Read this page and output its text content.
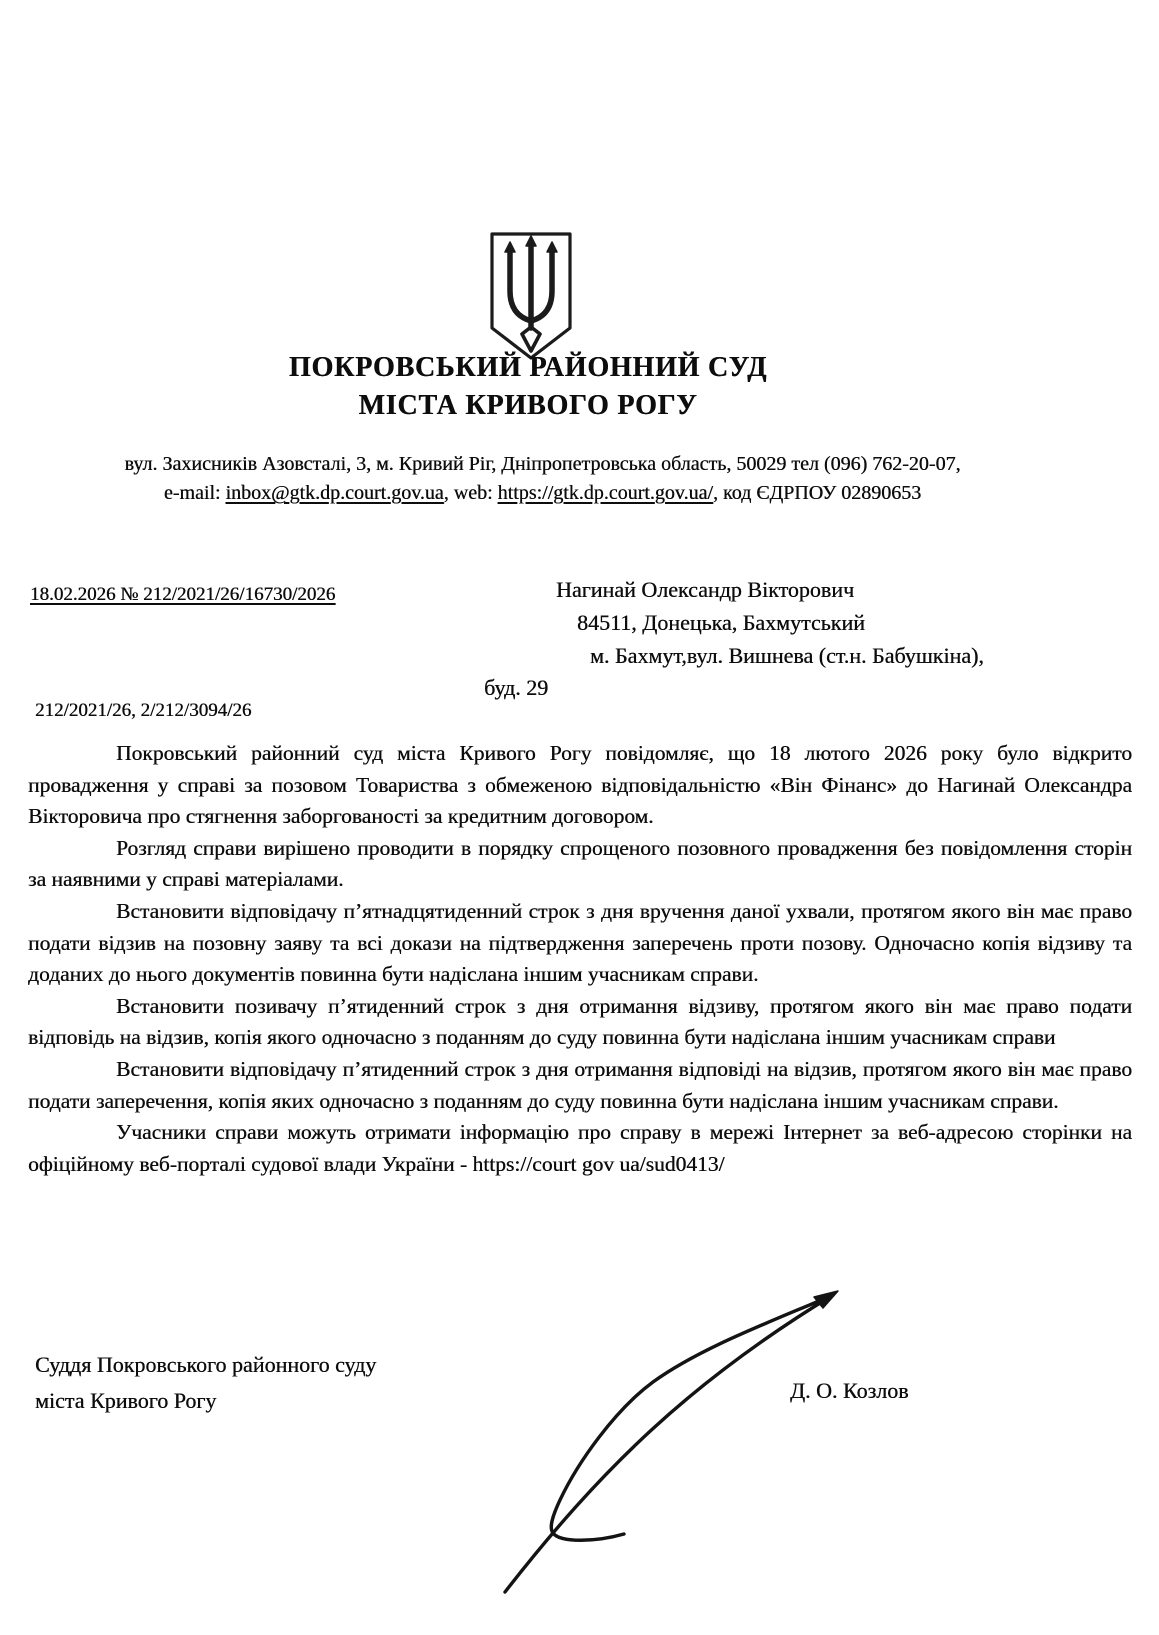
ПОКРОВСЬКИЙ РАЙОННИЙ СУД
МІСТА КРИВОГО РОГУ
вул. Захисників Азовсталі, 3, м. Кривий Ріг, Дніпропетровська область, 50029 тел (096) 762-20-07,
e-mail: inbox@gtk.dp.court.gov.ua, web: https://gtk.dp.court.gov.ua/, код ЄДРПОУ 02890653
18.02.2026 № 212/2021/26/16730/2026	Нагинай Олександр Вікторович
84511, Донецька, Бахмутський
м. Бахмут,вул. Вишнева (ст.н. Бабушкіна),
буд. 29
212/2021/26, 2/212/3094/26

Покровський районний суд міста Кривого Рогу повідомляє, що 18 лютого 2026 року було відкрито провадження у справі за позовом Товариства з обмеженою відповідальністю «Він Фінанс» до Нагинай Олександра Вікторовича про стягнення заборгованості за кредитним договором.

Розгляд справи вирішено проводити в порядку спрощеного позовного провадження без повідомлення сторін за наявними у справі матеріалами.

Встановити відповідачу п’ятнадцятиденний строк з дня вручення даної ухвали, протягом якого він має право подати відзив на позовну заяву та всі докази на підтвердження заперечень проти позову. Одночасно копія відзиву та доданих до нього документів повинна бути надіслана іншим учасникам справи.

Встановити позивачу п’ятиденний строк з дня отримання відзиву, протягом якого він має право подати відповідь на відзив, копія якого одночасно з поданням до суду повинна бути надіслана іншим учасникам справи

Встановити відповідачу п’ятиденний строк з дня отримання відповіді на відзив, протягом якого він має право подати заперечення, копія яких одночасно з поданням до суду повинна бути надіслана іншим учасникам справи.

Учасники справи можуть отримати інформацію про справу в мережі Інтернет за веб-адресою сторінки на офіційному веб-порталі судової влади України - https://court gov ua/sud0413/

Суддя Покровського районного суду
міста Кривого Рогу	Д. О. Козлов
